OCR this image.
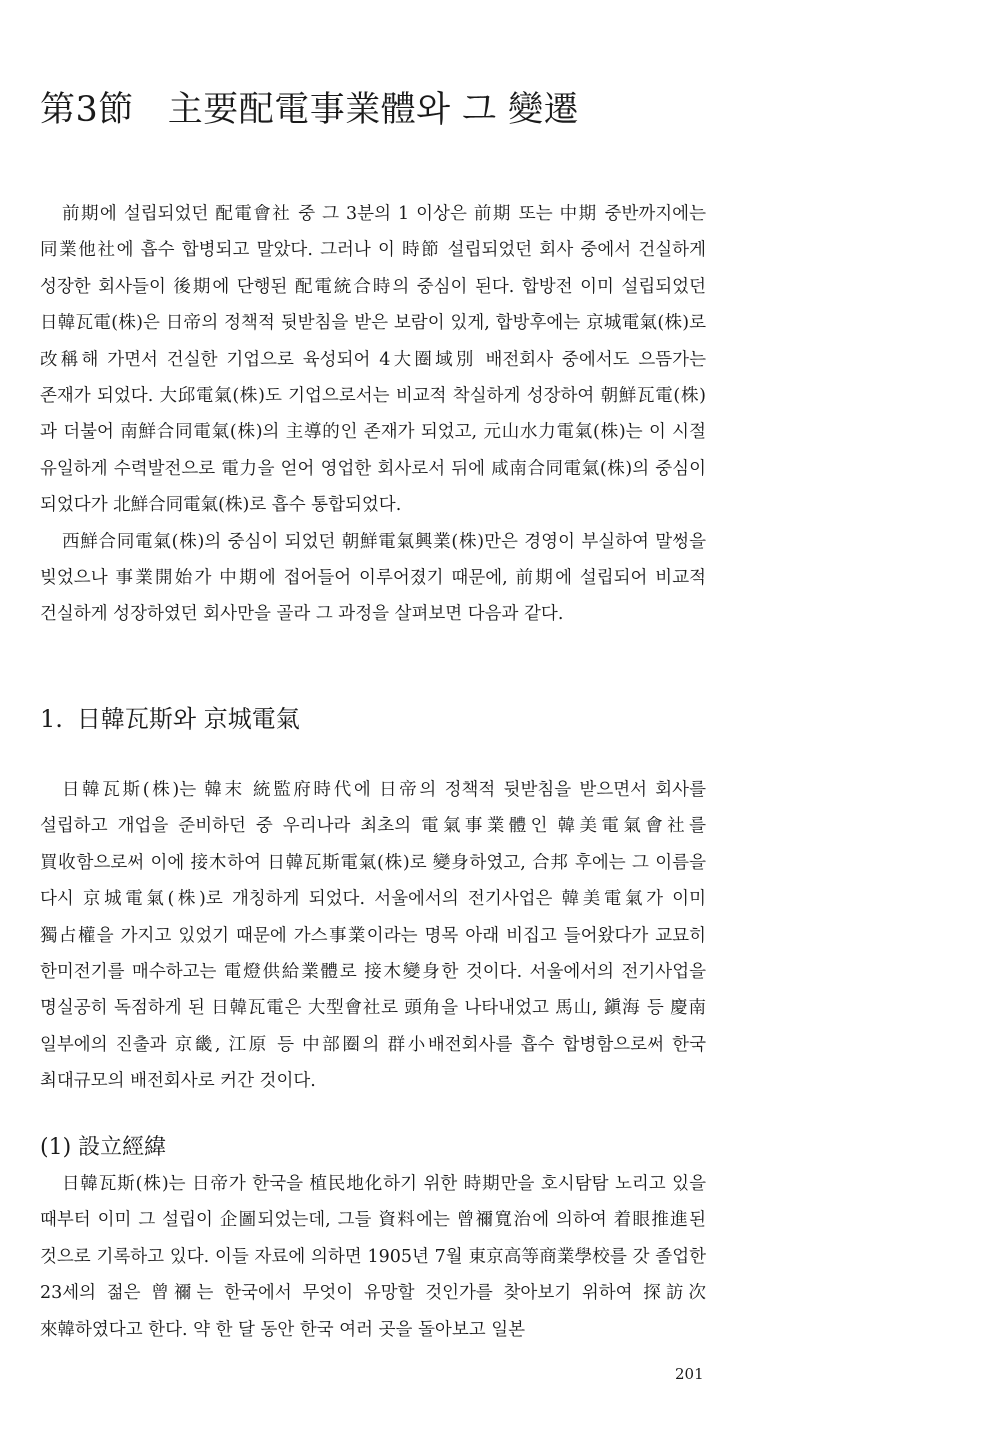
第3節 主要配電事業體와 그 變遷

前期에 설립되었던 配電會社 중 그 3분의 1 이상은 前期 또는 中期 중반까지에는 同業他社에 흡수 합병되고 말았다. 그러나 이 時節 설립되었던 회사 중에서 건실하게 성장한 회사들이 後期에 단행된 配電統合時의 중심이 된다. 합방전 이미 설립되었던 日韓瓦電(株)은 日帝의 정책적 뒷받침을 받은 보람이 있게, 합방후에는 京城電氣(株)로 改稱해 가면서 건실한 기업으로 육성되어 4大圈域別 배전회사 중에서도 으뜸가는 존재가 되었다. 大邱電氣(株)도 기업으로서는 비교적 착실하게 성장하여 朝鮮瓦電(株)과 더불어 南鮮合同電氣(株)의 主導的인 존재가 되었고, 元山水力電氣(株)는 이 시절 유일하게 수력발전으로 電力을 얻어 영업한 회사로서 뒤에 咸南合同電氣(株)의 중심이 되었다가 北鮮合同電氣(株)로 흡수 통합되었다.

西鮮合同電氣(株)의 중심이 되었던 朝鮮電氣興業(株)만은 경영이 부실하여 말썽을 빚었으나 事業開始가 中期에 접어들어 이루어졌기 때문에, 前期에 설립되어 비교적 건실하게 성장하였던 회사만을 골라 그 과정을 살펴보면 다음과 같다.

1. 日韓瓦斯와 京城電氣

日韓瓦斯(株)는 韓末 統監府時代에 日帝의 정책적 뒷받침을 받으면서 회사를 설립하고 개업을 준비하던 중 우리나라 최초의 電氣事業體인 韓美電氣會社를 買收함으로써 이에 接木하여 日韓瓦斯電氣(株)로 變身하였고, 合邦 후에는 그 이름을 다시 京城電氣(株)로 개칭하게 되었다. 서울에서의 전기사업은 韓美電氣가 이미 獨占權을 가지고 있었기 때문에 가스事業이라는 명목 아래 비집고 들어왔다가 교묘히 한미전기를 매수하고는 電燈供給業體로 接木變身한 것이다. 서울에서의 전기사업을 명실공히 독점하게 된 日韓瓦電은 大型會社로 頭角을 나타내었고 馬山, 鎭海 등 慶南 일부에의 진출과 京畿, 江原 등 中部圈의 群小배전회사를 흡수 합병함으로써 한국 최대규모의 배전회사로 커간 것이다.

(1) 設立經緯

日韓瓦斯(株)는 日帝가 한국을 植民地化하기 위한 時期만을 호시탐탐 노리고 있을 때부터 이미 그 설립이 企圖되었는데, 그들 資料에는 曾禰寬治에 의하여 着眼推進된 것으로 기록하고 있다. 이들 자료에 의하면 1905년 7월 東京高等商業學校를 갓 졸업한 23세의 젊은 曾禰는 한국에서 무엇이 유망할 것인가를 찾아보기 위하여 探訪次 來韓하였다고 한다. 약 한 달 동안 한국 여러 곳을 돌아보고 일본

201
